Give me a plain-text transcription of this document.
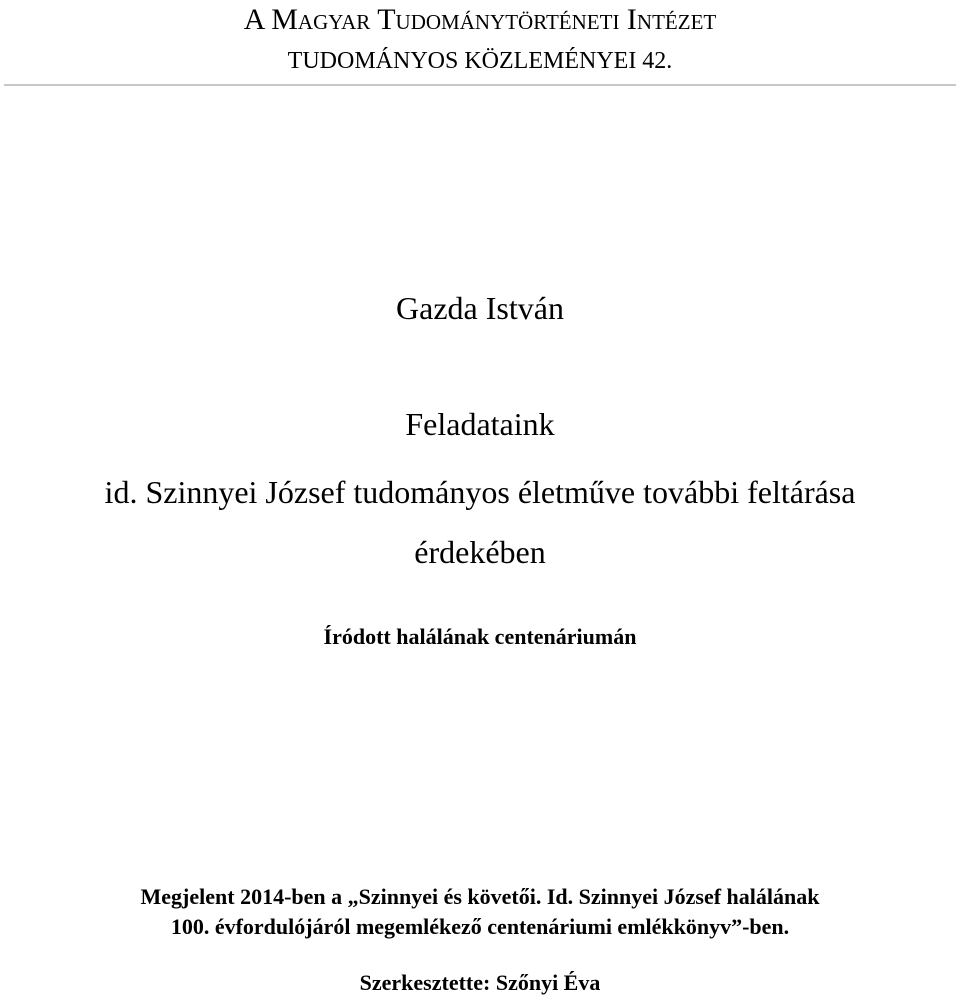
A Magyar Tudománytörténeti Intézet
TUDOMÁNYOS KÖZLEMÉNYEI 42.
Gazda István
Feladataink
id. Szinnyei József tudományos életműve további feltárása érdekében
Íródott halálának centenáriumán
Megjelent 2014-ben a „Szinnyei és követői. Id. Szinnyei József halálának
100. évfordulójáról megemlékező centenáriumi emlékkönyv”-ben.
Szerkesztette: Szőnyi Éva
